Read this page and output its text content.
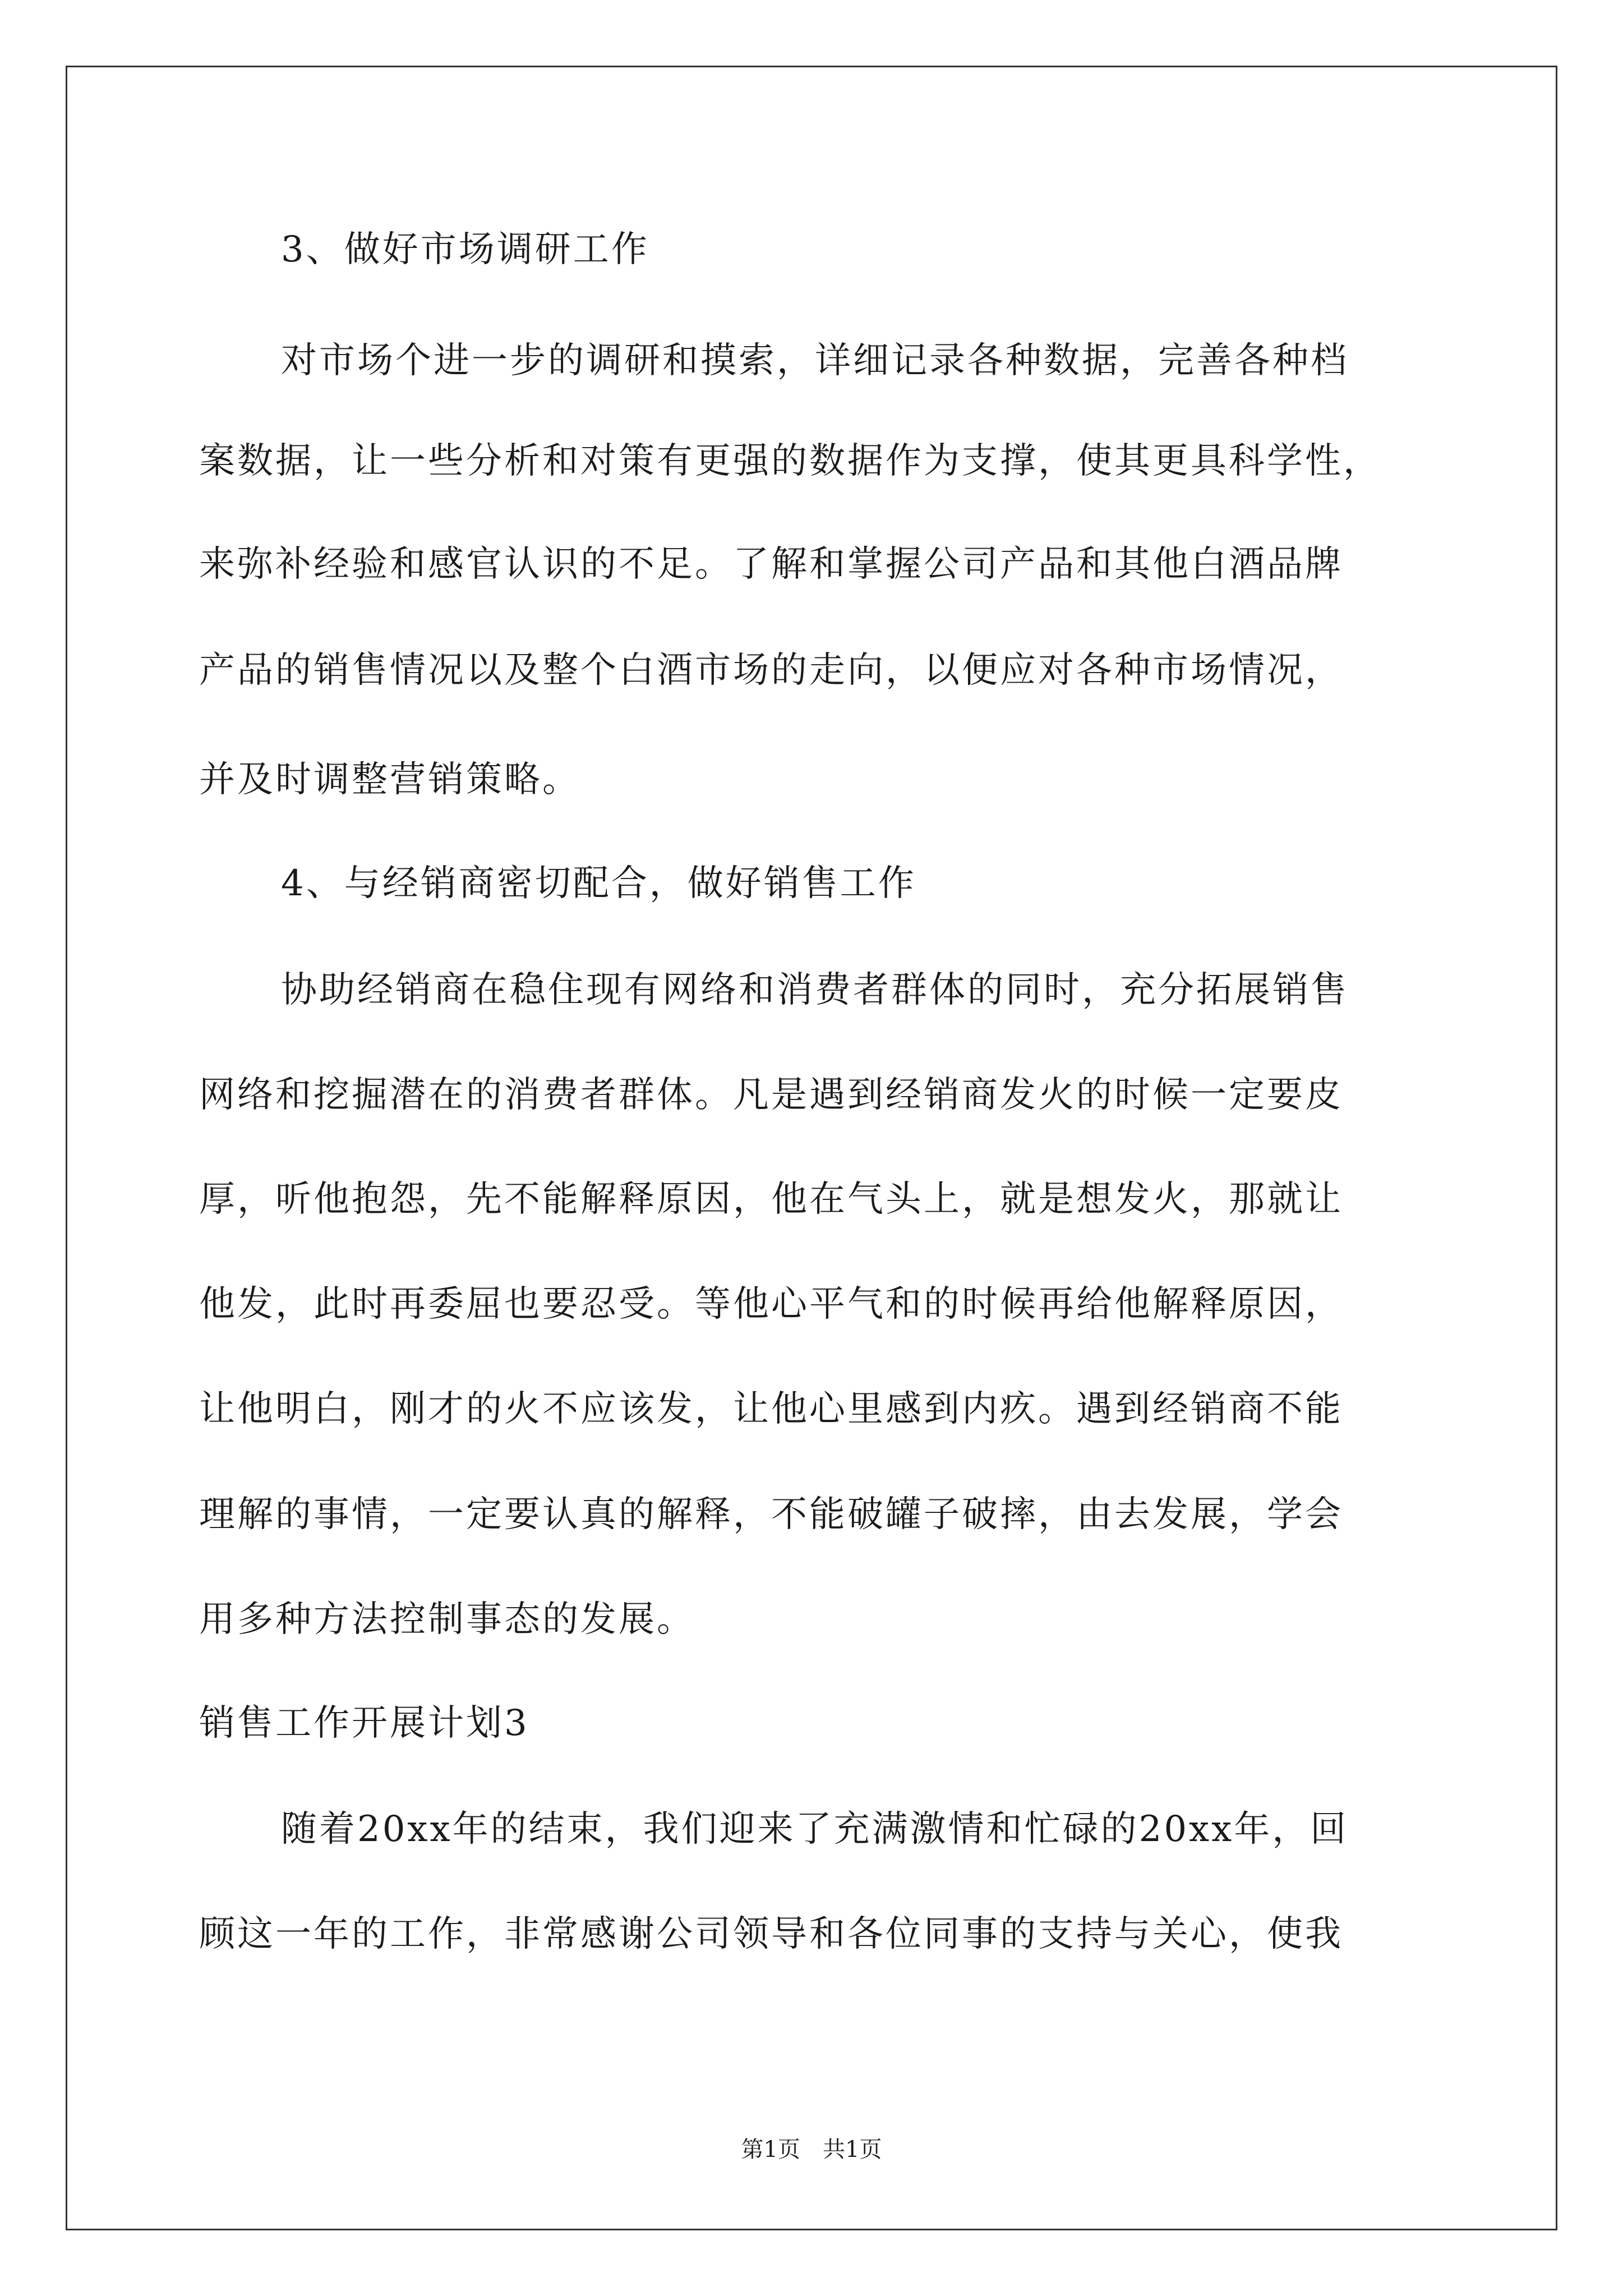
3、做好市场调研工作
对市场个进一步的调研和摸索，详细记录各种数据，完善各种档
案数据，让一些分析和对策有更强的数据作为支撑，使其更具科学性，
来弥补经验和感官认识的不足。了解和掌握公司产品和其他白酒品牌
产品的销售情况以及整个白酒市场的走向，以便应对各种市场情况，
并及时调整营销策略。
4、与经销商密切配合，做好销售工作
协助经销商在稳住现有网络和消费者群体的同时，充分拓展销售
网络和挖掘潜在的消费者群体。凡是遇到经销商发火的时候一定要皮
厚，听他抱怨，先不能解释原因，他在气头上，就是想发火，那就让
他发，此时再委屈也要忍受。等他心平气和的时候再给他解释原因，
让他明白，刚才的火不应该发，让他心里感到内疚。遇到经销商不能
理解的事情，一定要认真的解释，不能破罐子破摔，由去发展，学会
用多种方法控制事态的发展。
销售工作开展计划3
随着20xx年的结束，我们迎来了充满激情和忙碌的20xx年，回
顾这一年的工作，非常感谢公司领导和各位同事的支持与关心，使我
第1页　共1页
